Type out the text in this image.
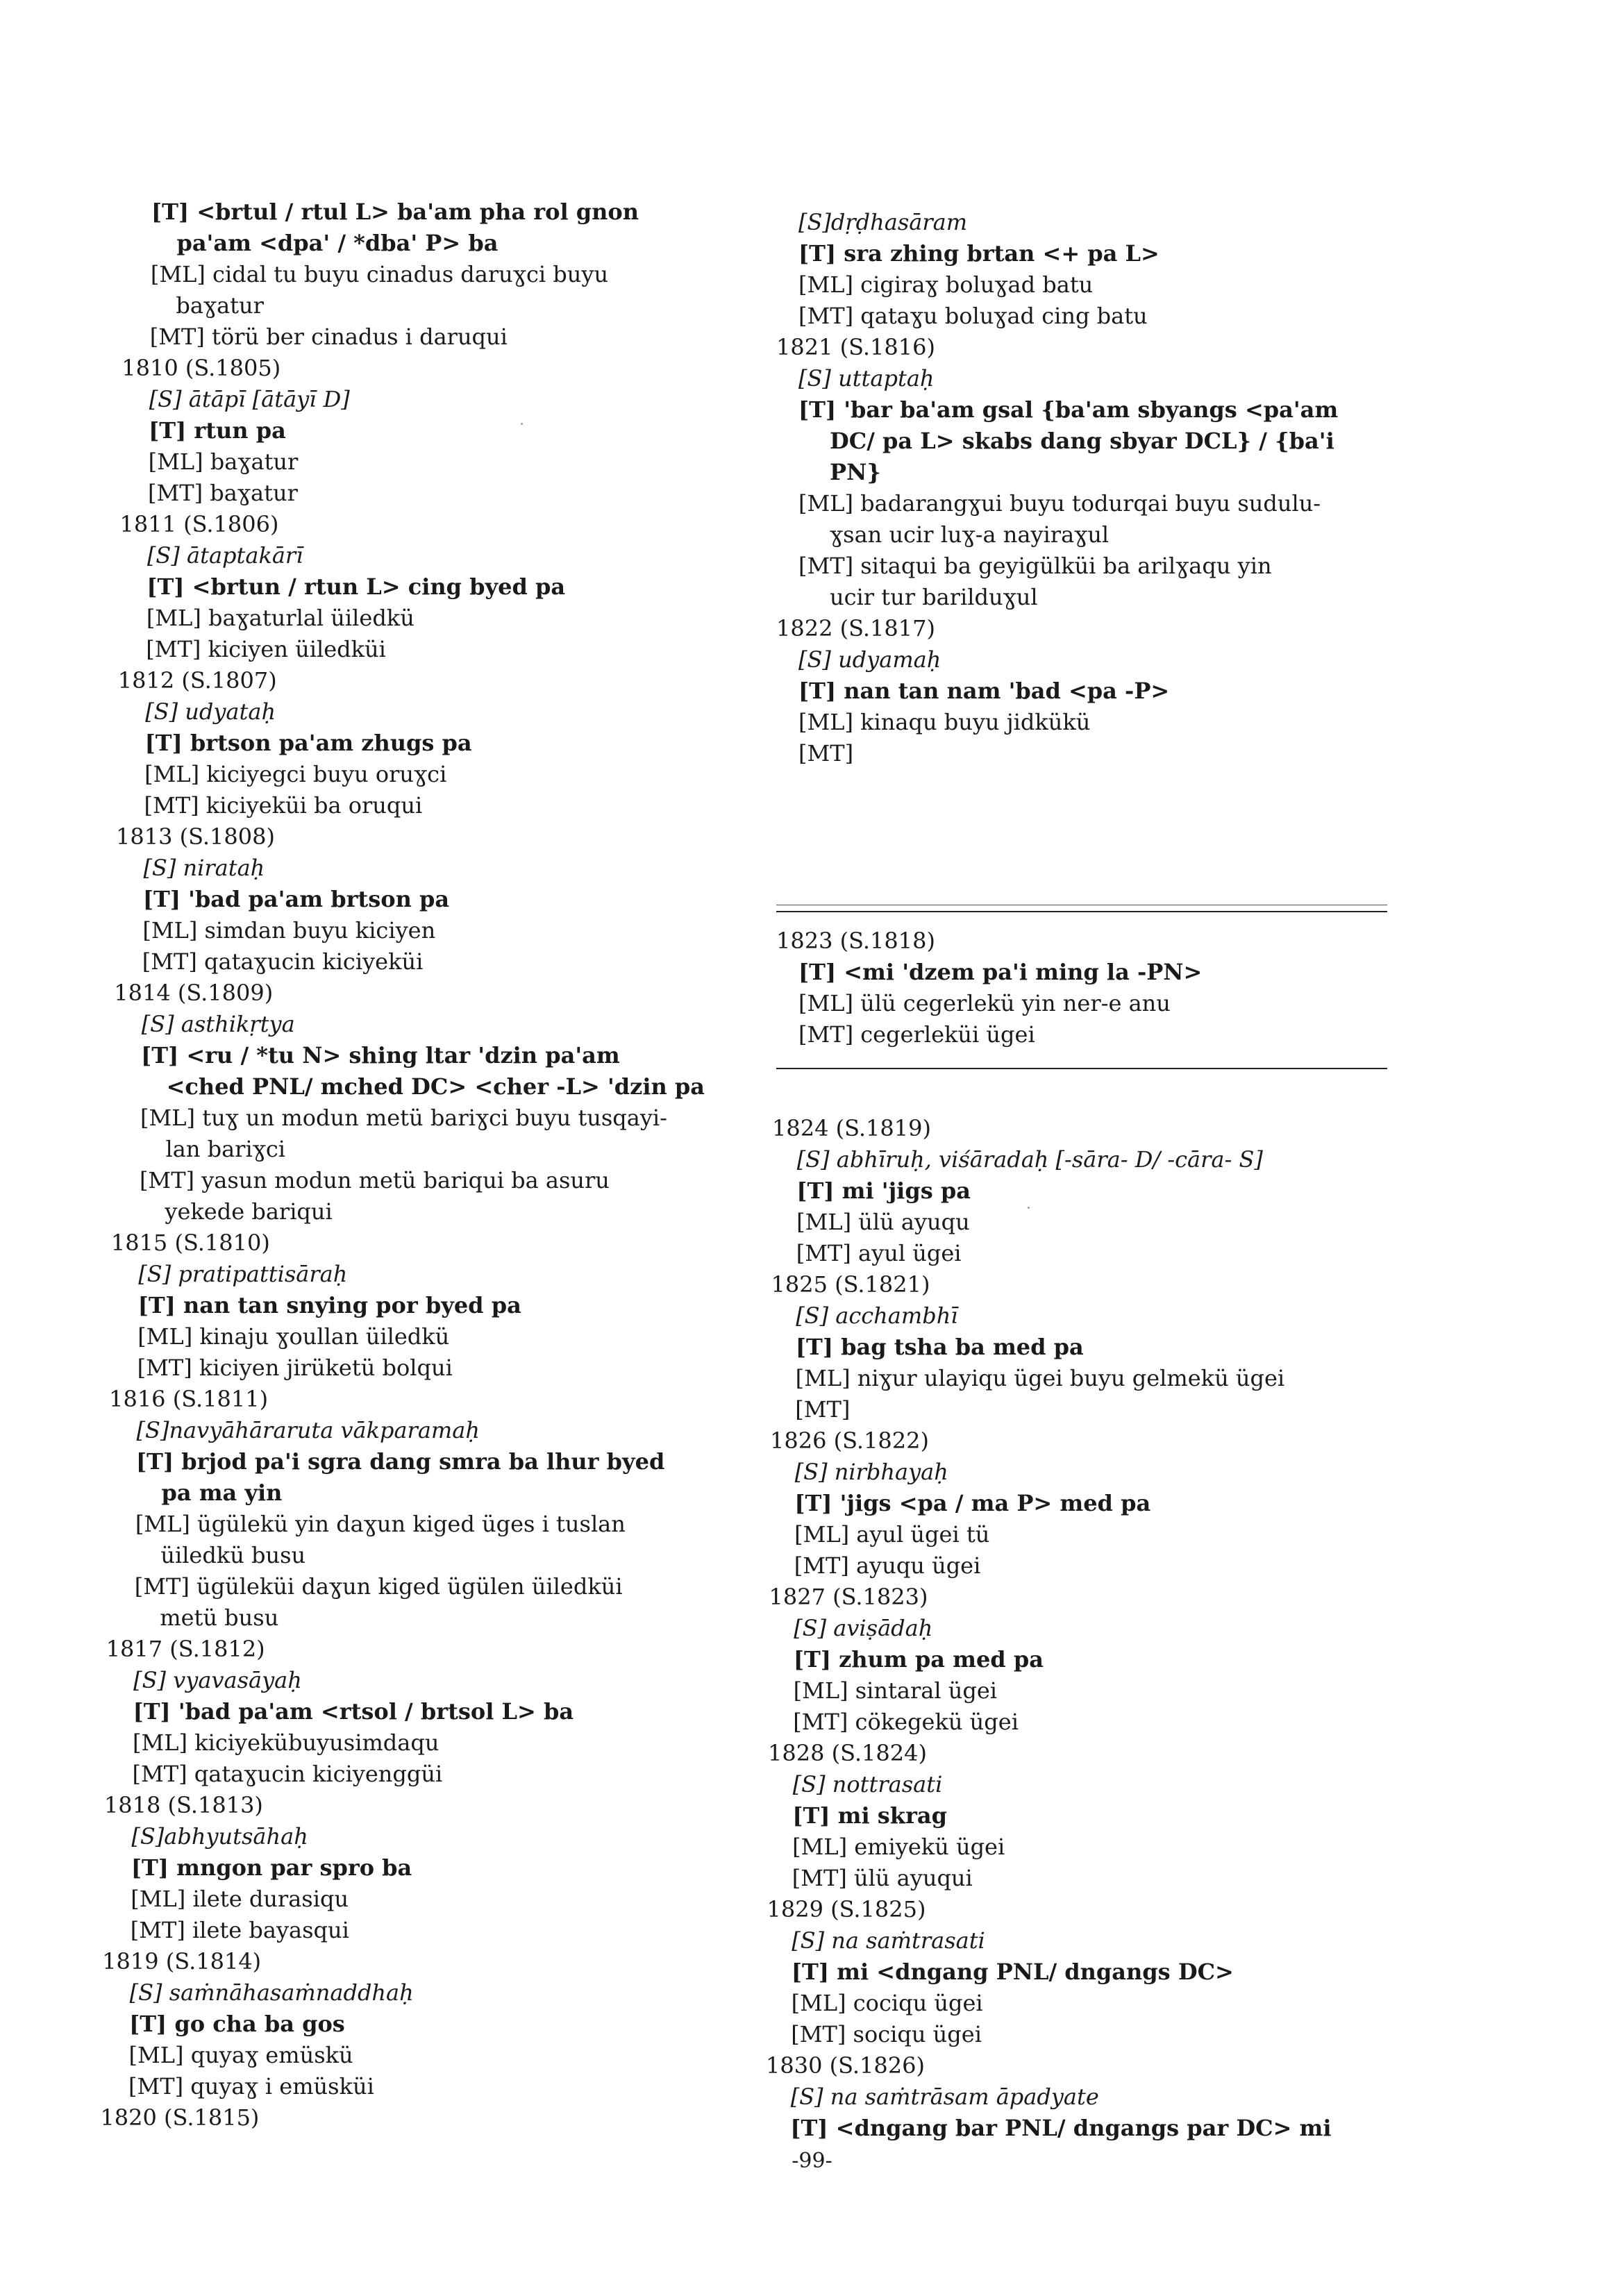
[T] <brtul / rtul L> ba'am pha rol gnon
pa'am <dpa' / *dba' P> ba
[ML] cidal tu buyu cinadus daruɣci buyu
baɣatur
[MT] törü ber cinadus i daruqui
1810 (S.1805)
[S] ātāpī [ātāyī D]
[T] rtun pa
[ML] baɣatur
[MT] baɣatur
1811 (S.1806)
[S] ātaptakārī
[T] <brtun / rtun L> cing byed pa
[ML] baɣaturlal üiledkü
[MT] kiciyen üiledküi
1812 (S.1807)
[S] udyataḥ
[T] brtson pa'am zhugs pa
[ML] kiciyegci buyu oruɣci
[MT] kiciyeküi ba oruqui
1813 (S.1808)
[S] nirataḥ
[T] 'bad pa'am brtson pa
[ML] simdan buyu kiciyen
[MT] qataɣucin kiciyeküi
1814 (S.1809)
[S] asthikṛtya
[T] <ru / *tu N> shing ltar 'dzin pa'am
<ched PNL/ mched DC> <cher -L> 'dzin pa
[ML] tuɣ un modun metü bariɣci buyu tusqayi-
lan bariɣci
[MT] yasun modun metü bariqui ba asuru
yekede bariqui
1815 (S.1810)
[S] pratipattisāraḥ
[T] nan tan snying por byed pa
[ML] kinaju ɣoullan üiledkü
[MT] kiciyen jirüketü bolqui
1816 (S.1811)
[S]navyāhāraruta vākparamaḥ
[T] brjod pa'i sgra dang smra ba lhur byed
pa ma yin
[ML] ügülekü yin daɣun kiged üges i tuslan
üiledkü busu
[MT] ügüleküi daɣun kiged ügülen üiledküi
metü busu
1817 (S.1812)
[S] vyavasāyaḥ
[T] 'bad pa'am <rtsol / brtsol L> ba
[ML] kiciyekübuyusimdaqu
[MT] qataɣucin kiciyenggüi
1818 (S.1813)
[S]abhyutsāhaḥ
[T] mngon par spro ba
[ML] ilete durasiqu
[MT] ilete bayasqui
1819 (S.1814)
[S] saṁnāhasaṁnaddhaḥ
[T] go cha ba gos
[ML] quyaɣ emüskü
[MT] quyaɣ i emüsküi
1820 (S.1815)
[S]dṛḍhasāram
[T] sra zhing brtan <+ pa L>
[ML] cigiraɣ boluɣad batu
[MT] qataɣu boluɣad cing batu
1821 (S.1816)
[S] uttaptaḥ
[T] 'bar ba'am gsal {ba'am sbyangs <pa'am
DC/ pa L> skabs dang sbyar DCL} / {ba'i
PN}
[ML] badarangɣui buyu todurqai buyu sudulu-
ɣsan ucir luɣ-a nayiraɣul
[MT] sitaqui ba geyigülküi ba arilɣaqu yin
ucir tur barilduɣul
1822 (S.1817)
[S] udyamaḥ
[T] nan tan nam 'bad <pa -P>
[ML] kinaqu buyu jidkükü
[MT]
1823 (S.1818)
[T] <mi 'dzem pa'i ming la -PN>
[ML] ülü cegerlekü yin ner-e anu
[MT] cegerleküi ügei
1824 (S.1819)
[S] abhīruḥ, viśāradaḥ [-sāra- D/ -cāra- S]
[T] mi 'jigs pa
[ML] ülü ayuqu
[MT] ayul ügei
1825 (S.1821)
[S] acchambhī
[T] bag tsha ba med pa
[ML] niɣur ulayiqu ügei buyu gelmekü ügei
[MT]
1826 (S.1822)
[S] nirbhayaḥ
[T] 'jigs <pa / ma P> med pa
[ML] ayul ügei tü
[MT] ayuqu ügei
1827 (S.1823)
[S] aviṣādaḥ
[T] zhum pa med pa
[ML] sintaral ügei
[MT] cökegekü ügei
1828 (S.1824)
[S] nottrasati
[T] mi skrag
[ML] emiyekü ügei
[MT] ülü ayuqui
1829 (S.1825)
[S] na saṁtrasati
[T] mi <dngang PNL/ dngangs DC>
[ML] cociqu ügei
[MT] sociqu ügei
1830 (S.1826)
[S] na saṁtrāsam āpadyate
[T] <dngang bar PNL/ dngangs par DC> mi
-99-
